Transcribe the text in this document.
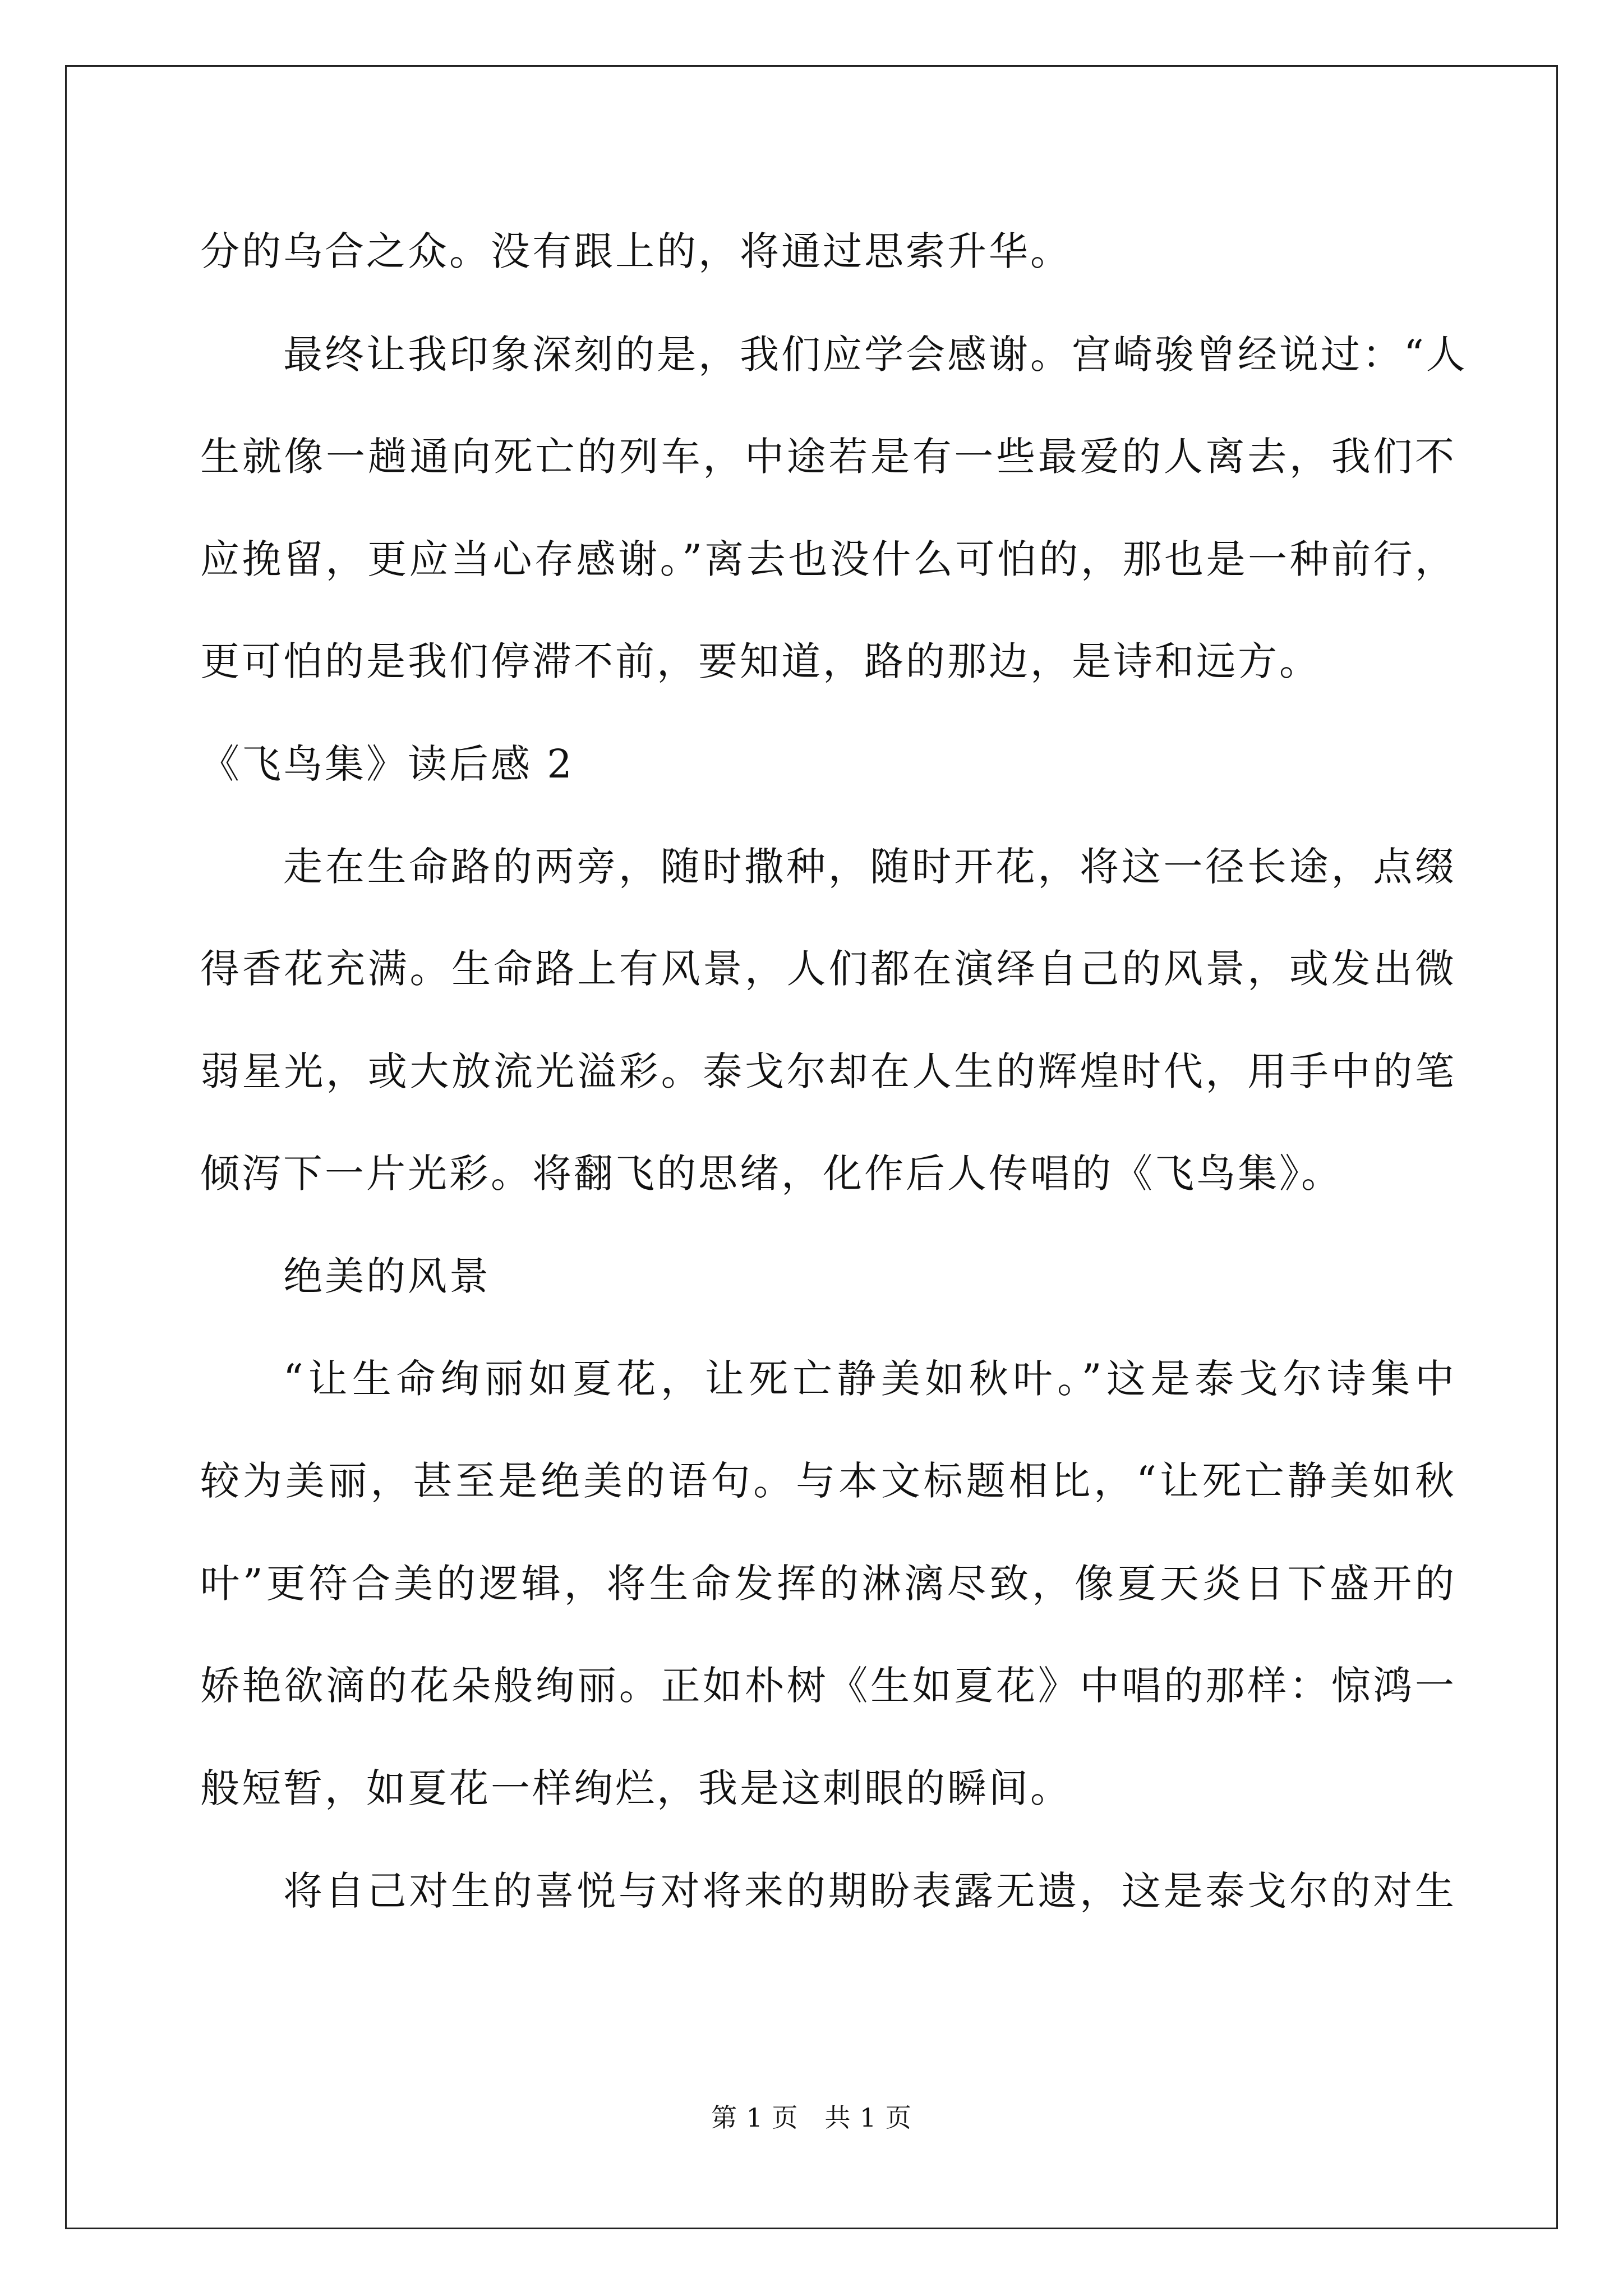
分的乌合之众。没有跟上的，将通过思索升华。
最终让我印象深刻的是，我们应学会感谢。宫崎骏曾经说过：“人
生就像一趟通向死亡的列车，中途若是有一些最爱的人离去，我们不
应挽留，更应当心存感谢。”离去也没什么可怕的，那也是一种前行，
更可怕的是我们停滞不前，要知道，路的那边，是诗和远方。
《飞鸟集》读后感 2
走在生命路的两旁，随时撒种，随时开花，将这一径长途，点缀
得香花充满。生命路上有风景，人们都在演绎自己的风景，或发出微
弱星光，或大放流光溢彩。泰戈尔却在人生的辉煌时代，用手中的笔
倾泻下一片光彩。将翻飞的思绪，化作后人传唱的《飞鸟集》。
绝美的风景
“让生命绚丽如夏花，让死亡静美如秋叶。”这是泰戈尔诗集中
较为美丽，甚至是绝美的语句。与本文标题相比，“让死亡静美如秋
叶”更符合美的逻辑，将生命发挥的淋漓尽致，像夏天炎日下盛开的
娇艳欲滴的花朵般绚丽。正如朴树《生如夏花》中唱的那样：惊鸿一
般短暂，如夏花一样绚烂，我是这刺眼的瞬间。
将自己对生的喜悦与对将来的期盼表露无遗，这是泰戈尔的对生
第 1 页   共 1 页
